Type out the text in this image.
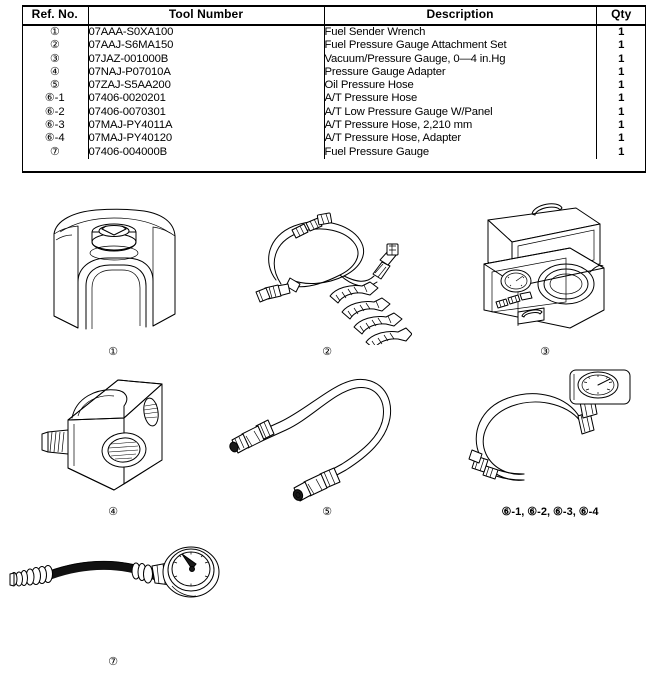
Ref. No.	Tool Number	Description	Qty
①	07AAA-S0XA100	Fuel Sender Wrench	1
②	07AAJ-S6MA150	Fuel Pressure Gauge Attachment Set	1
③	07JAZ-001000B	Vacuum/Pressure Gauge, 0—4 in.Hg	1
④	07NAJ-P07010A	Pressure Gauge Adapter	1
⑤	07ZAJ-S5AA200	Oil Pressure Hose	1
⑥-1	07406-0020201	A/T Pressure Hose	1
⑥-2	07406-0070301	A/T Low Pressure Gauge W/Panel	1
⑥-3	07MAJ-PY4011A	A/T Pressure Hose, 2,210 mm	1
⑥-4	07MAJ-PY40120	A/T Pressure Hose, Adapter	1
⑦	07406-004000B	Fuel Pressure Gauge	1
①	②	③
④	⑤	⑥-1, ⑥-2, ⑥-3, ⑥-4
⑦
